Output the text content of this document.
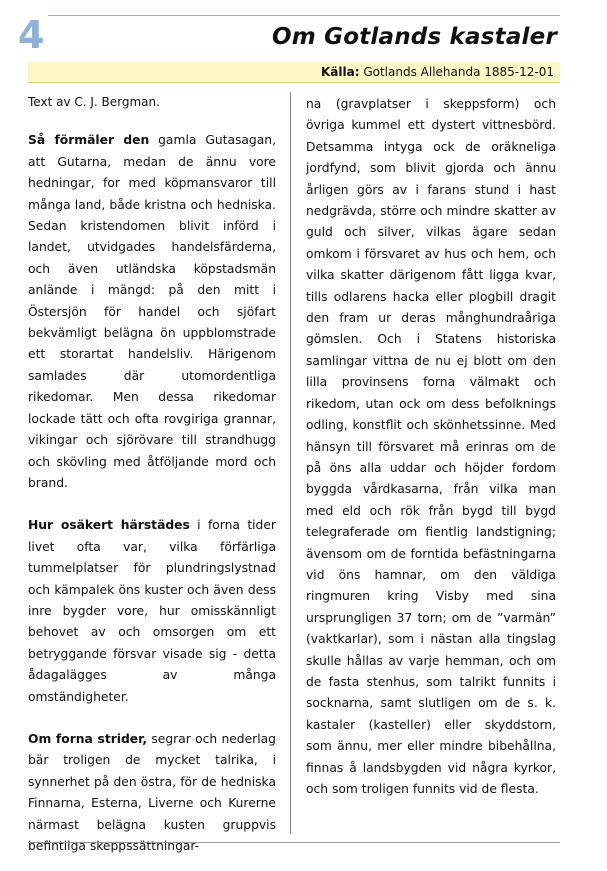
4	Om Gotlands kastaler
Källa: Gotlands Allehanda 1885-12-01

Text av C. J. Bergman.

Så förmäler den gamla Gutasagan, att Gutarna, medan de ännu vore hedningar, for med köpmansvaror till många land, både kristna och hedniska. Sedan kristendomen blivit införd i landet, utvidgades handelsfärderna, och även utländska köpstadsmän anlände i mängd: på den mitt i Östersjön för handel och sjöfart bekvämligt belägna ön uppblomstrade ett storartat handelsliv. Härigenom samlades där utomordentliga rikedomar. Men dessa rikedomar lockade tätt och ofta rovgiriga grannar, vikingar och sjörövare till strandhugg och skövling med åtföljande mord och brand.

Hur osäkert härstädes i forna tider livet ofta var, vilka förfärliga tummelplatser för plundringslystnad och kämpalek öns kuster och även dess inre bygder vore, hur omisskännligt behovet av och omsorgen om ett betryggande försvar visade sig - detta ådagalägges av många omständigheter.

Om forna strider, segrar och nederlag bär troligen de mycket talrika, i synnerhet på den östra, för de hedniska Finnarna, Esterna, Liverne och Kurerne närmast belägna kusten gruppvis befintliga skeppssättningar-

na (gravplatser i skeppsform) och övriga kummel ett dystert vittnesbörd. Detsamma intyga ock de oräkneliga jordfynd, som blivit gjorda och ännu årligen görs av i farans stund i hast nedgrävda, större och mindre skatter av guld och silver, vilkas ägare sedan omkom i försvaret av hus och hem, och vilka skatter därigenom fått ligga kvar, tills odlarens hacka eller plogbill dragit den fram ur deras månghundraåriga gömslen. Och i Statens historiska samlingar vittna de nu ej blott om den lilla provinsens forna välmakt och rikedom, utan ock om dess befolknings odling, konstflit och skönhetssinne. Med hänsyn till försvaret må erinras om de på öns alla uddar och höjder fordom byggda vårdkasarna, från vilka man med eld och rök från bygd till bygd telegraferade om fientlig landstigning; ävensom om de forntida befästningarna vid öns hamnar, om den väldiga ringmuren kring Visby med sina ursprungligen 37 torn; om de ”varmän” (vaktkarlar), som i nästan alla tingslag skulle hållas av varje hemman, och om de fasta stenhus, som talrikt funnits i socknarna, samt slutligen om de s. k. kastaler (kasteller) eller skyddstorn, som ännu, mer eller mindre bibehållna, finnas å landsbygden vid några kyrkor, och som troligen funnits vid de flesta.
